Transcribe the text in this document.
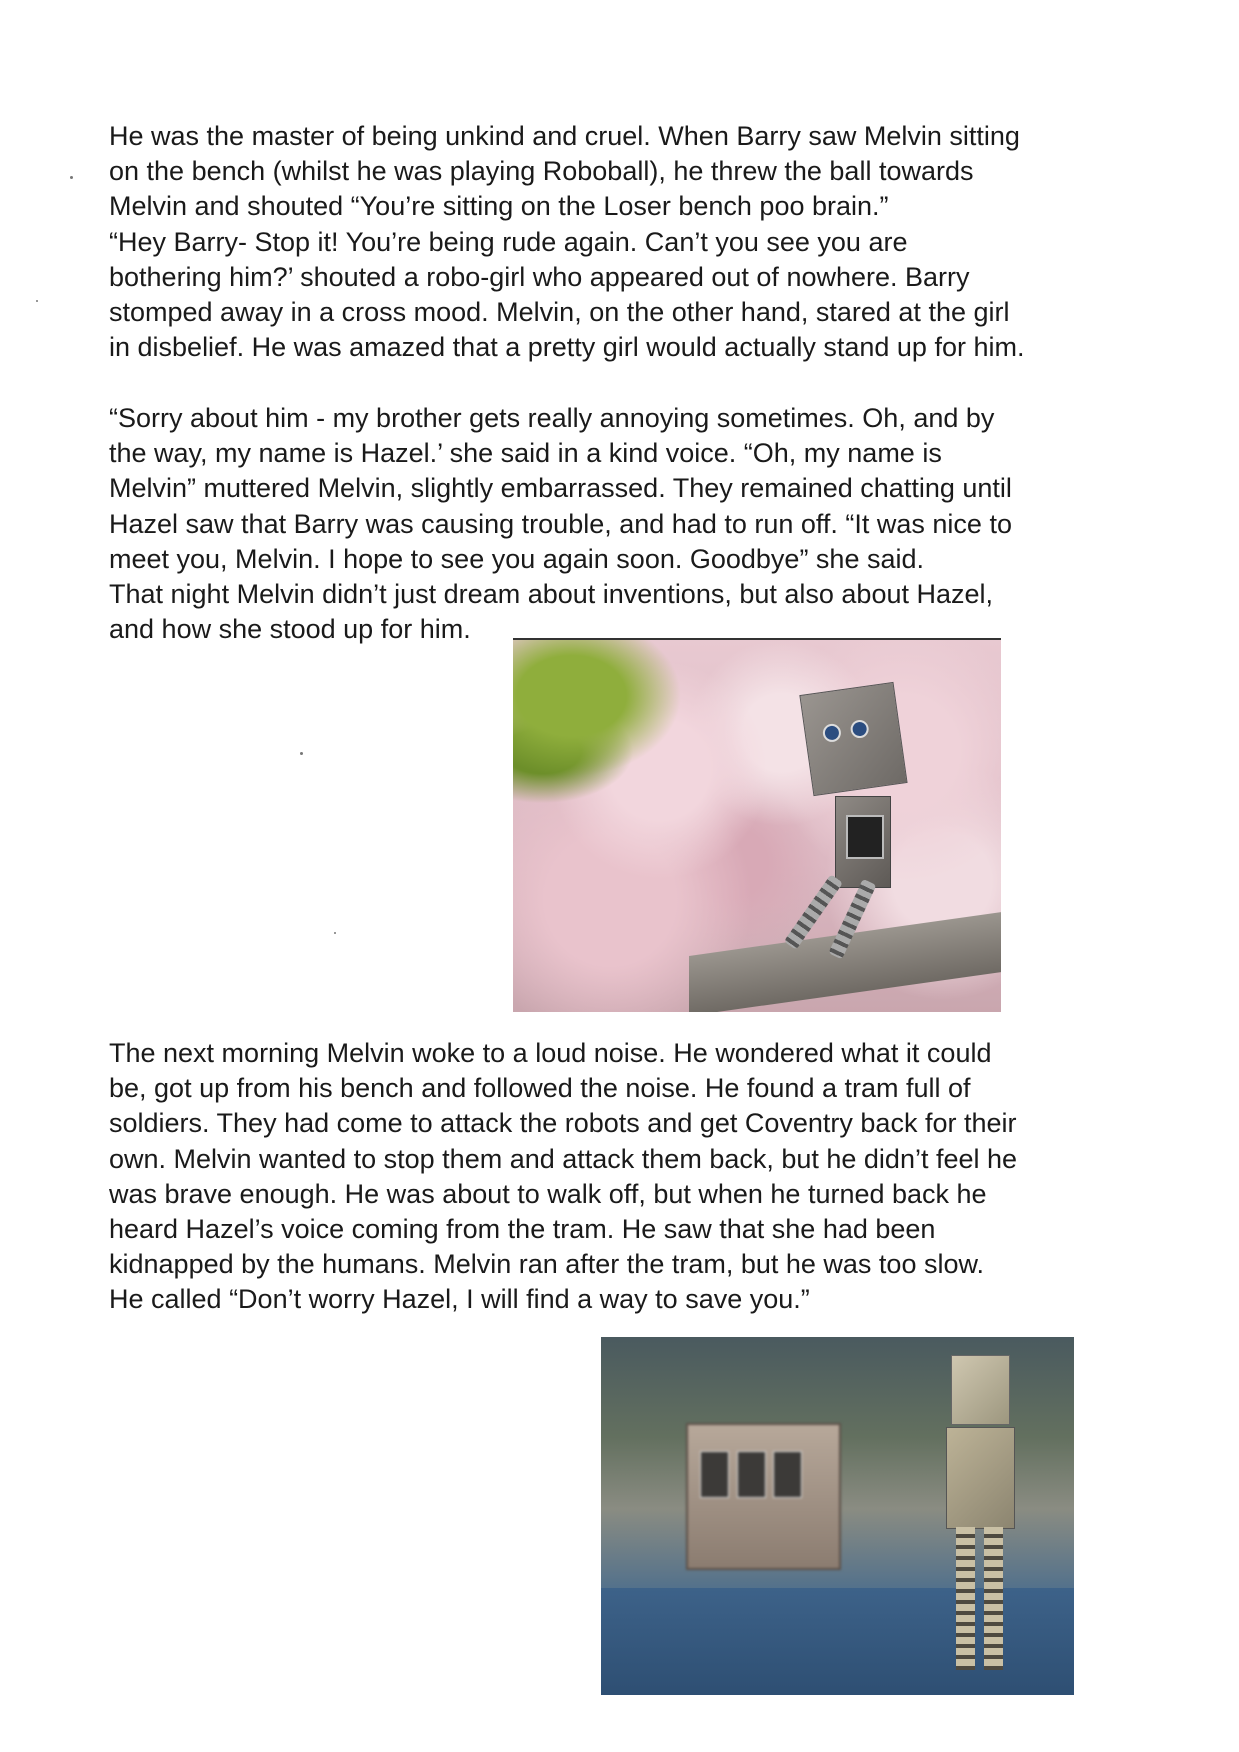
He was the master of being unkind and cruel. When Barry saw Melvin sitting
on the bench (whilst he was playing Roboball), he threw the ball towards
Melvin and shouted “You’re sitting on the Loser bench poo brain.”
“Hey Barry- Stop it! You’re being rude again. Can’t you see you are
bothering him?’ shouted a robo-girl who appeared out of nowhere. Barry
stomped away in a cross mood. Melvin, on the other hand, stared at the girl
in disbelief. He was amazed that a pretty girl would actually stand up for him.

“Sorry about him - my brother gets really annoying sometimes. Oh, and by
the way, my name is Hazel.’ she said in a kind voice. “Oh, my name is
Melvin” muttered Melvin, slightly embarrassed. They remained chatting until
Hazel saw that Barry was causing trouble, and had to run off. “It was nice to
meet you, Melvin. I hope to see you again soon. Goodbye” she said.
That night Melvin didn’t just dream about inventions, but also about Hazel,
and how she stood up for him.

The next morning Melvin woke to a loud noise. He wondered what it could
be, got up from his bench and followed the noise. He found a tram full of
soldiers. They had come to attack the robots and get Coventry back for their
own. Melvin wanted to stop them and attack them back, but he didn’t feel he
was brave enough. He was about to walk off, but when he turned back he
heard Hazel’s voice coming from the tram. He saw that she had been
kidnapped by the humans. Melvin ran after the tram, but he was too slow.
He called “Don’t worry Hazel, I will find a way to save you.”
